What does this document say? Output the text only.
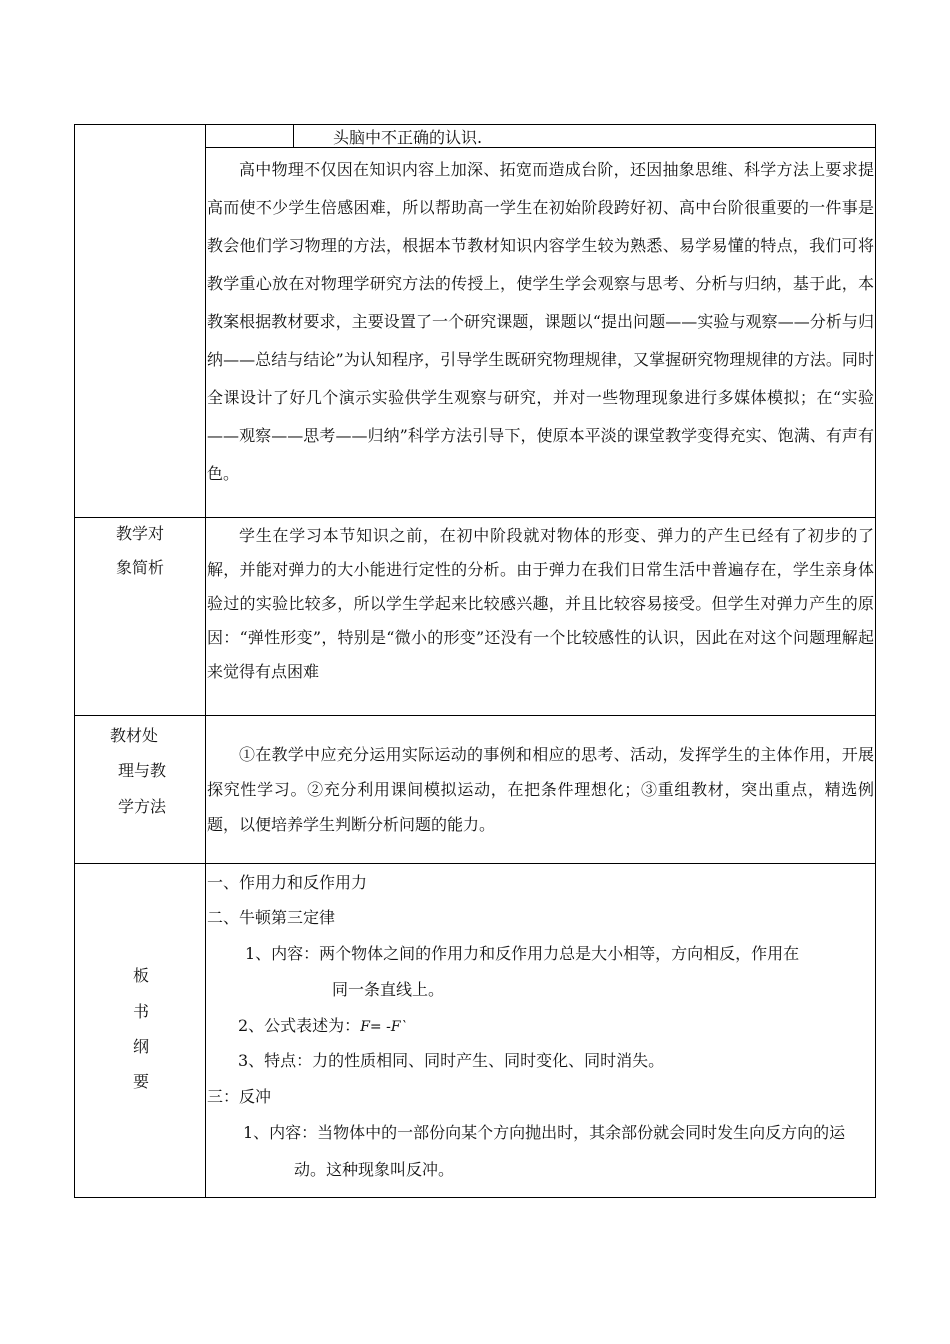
头脑中不正确的认识.

高中物理不仅因在知识内容上加深、拓宽而造成台阶，还因抽象思维、科学方法上要求提高而使不少学生倍感困难，所以帮助高一学生在初始阶段跨好初、高中台阶很重要的一件事是教会他们学习物理的方法，根据本节教材知识内容学生较为熟悉、易学易懂的特点，我们可将教学重心放在对物理学研究方法的传授上，使学生学会观察与思考、分析与归纳，基于此，本教案根据教材要求，主要设置了一个研究课题，课题以“提出问题——实验与观察——分析与归纳——总结与结论”为认知程序，引导学生既研究物理规律，又掌握研究物理规律的方法。同时全课设计了好几个演示实验供学生观察与研究，并对一些物理现象进行多媒体模拟；在“实验——观察——思考——归纳”科学方法引导下，使原本平淡的课堂教学变得充实、饱满、有声有色。

教学对
象简析

学生在学习本节知识之前，在初中阶段就对物体的形变、弹力的产生已经有了初步的了解，并能对弹力的大小能进行定性的分析。由于弹力在我们日常生活中普遍存在，学生亲身体验过的实验比较多，所以学生学起来比较感兴趣，并且比较容易接受。但学生对弹力产生的原因：“弹性形变”，特别是“微小的形变”还没有一个比较感性的认识，因此在对这个问题理解起来觉得有点困难

教材处
理与教
学方法

①在教学中应充分运用实际运动的事例和相应的思考、活动，发挥学生的主体作用，开展探究性学习。②充分利用课间模拟运动，在把条件理想化；③重组教材，突出重点，精选例题，以便培养学生判断分析问题的能力。

板
书
纲
要
一、作用力和反作用力
二、牛顿第三定律
1、内容：两个物体之间的作用力和反作用力总是大小相等，方向相反，作用在
同一条直线上。
2、公式表述为：F= -F`
3、特点：力的性质相同、同时产生、同时变化、同时消失。
三：反冲
1、内容：当物体中的一部份向某个方向抛出时，其余部份就会同时发生向反方向的运
动。这种现象叫反冲。
